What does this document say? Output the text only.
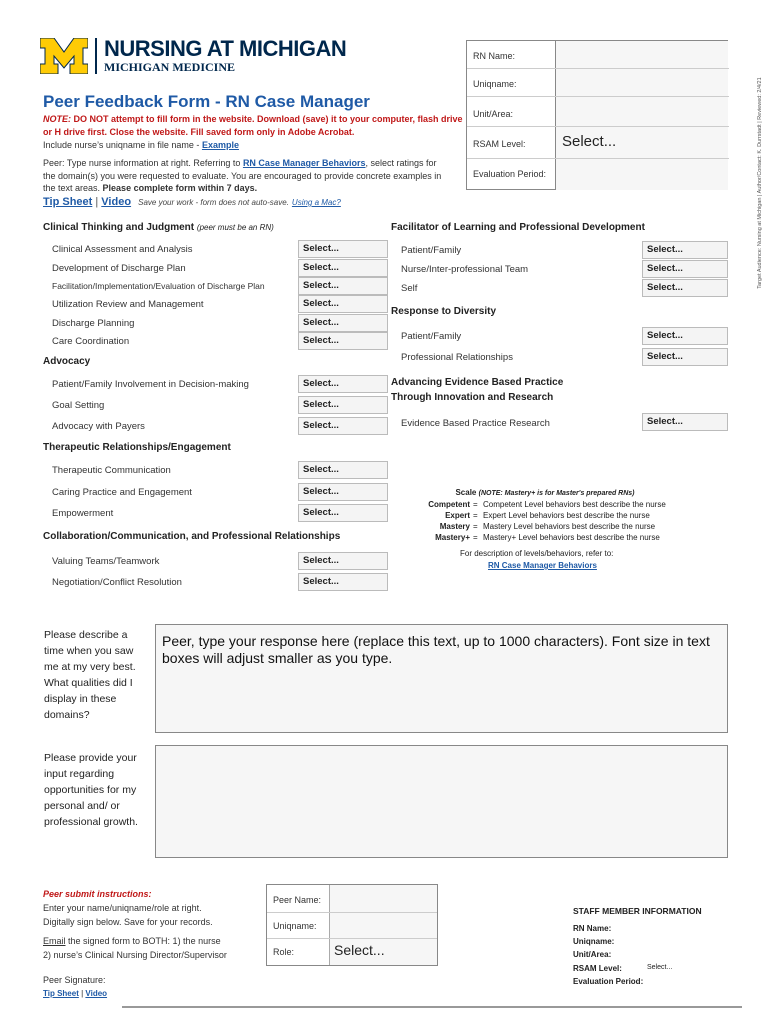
NURSING AT MICHIGAN
MICHIGAN MEDICINE
Peer Feedback Form - RN Case Manager	Target Audience: Nursing at Michigan | Author/Contact: K. Durrstadt | Reviewed: 2/4/21
NOTE: DO NOT attempt to fill form in the website. Download (save) it to your computer, flash drive or H drive first. Close the website. Fill saved form only in Adobe Acrobat.
Include nurse’s uniqname in file name - Example
Peer: Type nurse information at right. Referring to RN Case Manager Behaviors, select ratings for the domain(s) you were requested to evaluate. You are encouraged to provide concrete examples in the text areas. Please complete form within 7 days.
Tip Sheet | Video Save your work - form does not auto-save. Using a Mac?
RN Name:
Uniqname:
Unit/Area:
RSAM Level: Select...
Evaluation Period:
Clinical Thinking and Judgment (peer must be an RN)
Clinical Assessment and Analysis	Select...
Development of Discharge Plan	Select...
Facilitation/Implementation/Evaluation of Discharge Plan	Select...
Utilization Review and Management	Select...
Discharge Planning	Select...
Care Coordination	Select...
Advocacy
Patient/Family Involvement in Decision-making	Select...
Goal Setting	Select...
Advocacy with Payers	Select...
Therapeutic Relationships/Engagement
Therapeutic Communication	Select...
Caring Practice and Engagement	Select...
Empowerment	Select...
Collaboration/Communication, and Professional Relationships
Valuing Teams/Teamwork	Select...
Negotiation/Conflict Resolution	Select...
Facilitator of Learning and Professional Development
Patient/Family	Select...
Nurse/Inter-professional Team	Select...
Self	Select...
Response to Diversity
Patient/Family	Select...
Professional Relationships	Select...
Advancing Evidence Based Practice Through Innovation and Research
Evidence Based Practice Research	Select...
Scale (NOTE: Mastery+ is for Master's prepared RNs)
Competent = Competent Level behaviors best describe the nurse
Expert = Expert Level behaviors best describe the nurse
Mastery = Mastery Level behaviors best describe the nurse
Mastery+ = Mastery+ Level behaviors best describe the nurse
For description of levels/behaviors, refer to:
RN Case Manager Behaviors
Please describe a time when you saw me at my very best. What qualities did I display in these domains?
Peer, type your response here (replace this text, up to 1000 characters). Font size in text boxes will adjust smaller as you type.
Please provide your input regarding opportunities for my personal and/ or professional growth.
Peer submit instructions:
Enter your name/uniqname/role at right.
Digitally sign below. Save for your records.
Email the signed form to BOTH: 1) the nurse
2) nurse’s Clinical Nursing Director/Supervisor
Peer Signature:
Tip Sheet | Video
Peer Name:
Uniqname:
Role:	Select...
STAFF MEMBER INFORMATION
RN Name:
Uniqname:
Unit/Area:
RSAM Level:	Select...
Evaluation Period:
